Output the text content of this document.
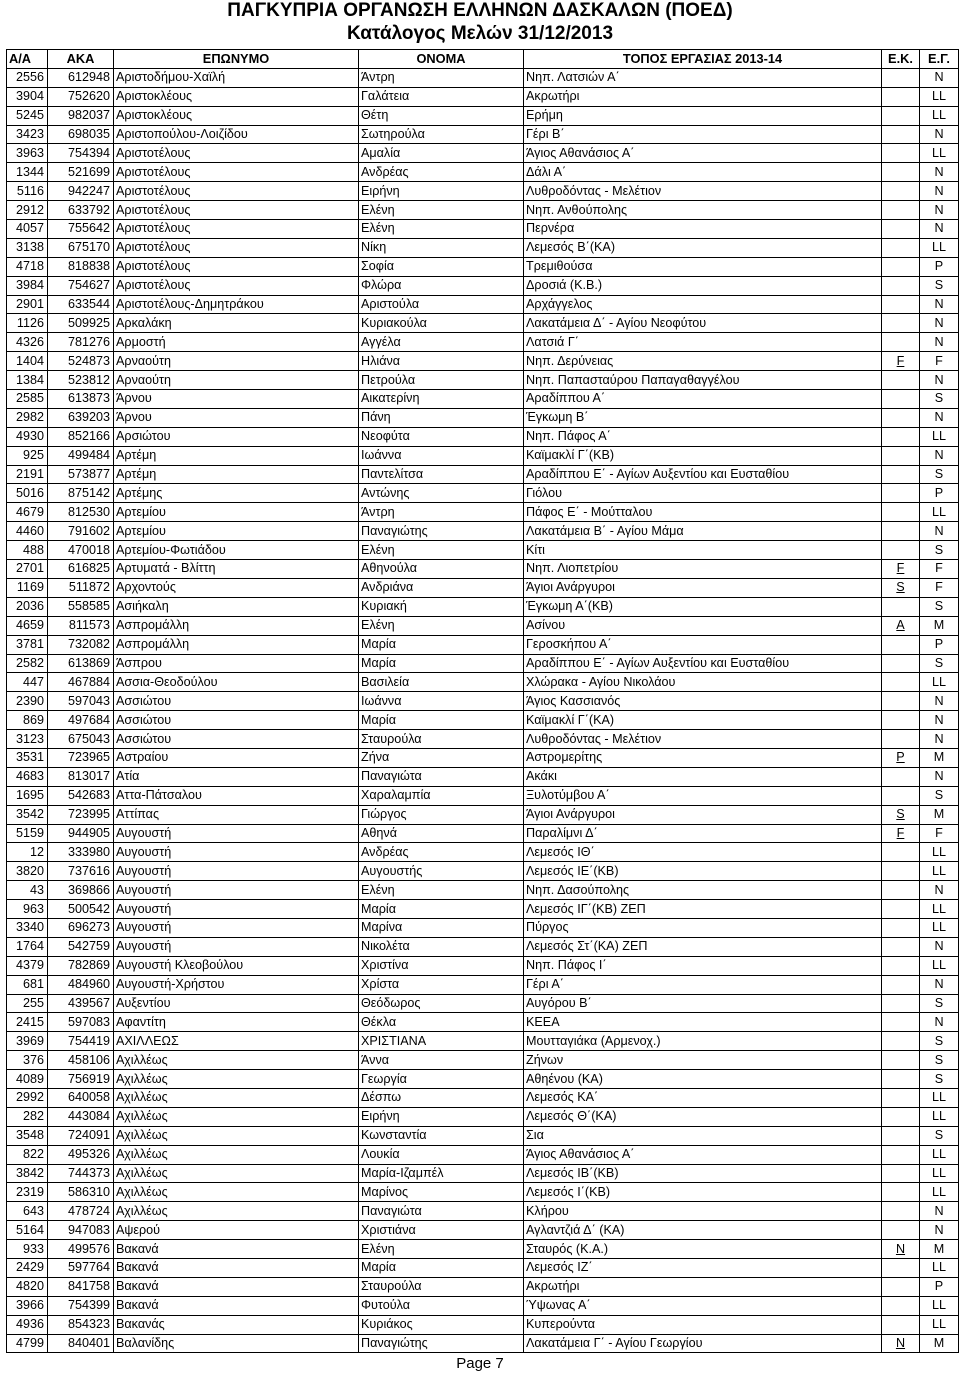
ΠΑΓΚΥΠΡΙΑ ΟΡΓΑΝΩΣΗ ΕΛΛΗΝΩΝ ΔΑΣΚΑΛΩΝ (ΠΟΕΔ)
Κατάλογος Μελών 31/12/2013
Α/Α	ΑΚΑ	ΕΠΩΝΥΜΟ	ΟΝΟΜΑ	ΤΟΠΟΣ ΕΡΓΑΣΙΑΣ 2013-14	Ε.Κ.	Ε.Γ.
2556	612948	Αριστοδήμου-Χαϊλή	Άντρη	Νηπ. Λατσιών Α΄		N
3904	752620	Αριστοκλέους	Γαλάτεια	Ακρωτήρι		LL
5245	982037	Αριστοκλέους	Θέτη	Ερήμη		LL
3423	698035	Αριστοπούλου-Λοιζίδου	Σωτηρούλα	Γέρι Β΄		N
3963	754394	Αριστοτέλους	Αμαλία	Άγιος Αθανάσιος Α΄		LL
1344	521699	Αριστοτέλους	Ανδρέας	Δάλι Α΄		N
5116	942247	Αριστοτέλους	Ειρήνη	Λυθροδόντας - Μελέτιον		N
2912	633792	Αριστοτέλους	Ελένη	Νηπ. Ανθούπολης		N
4057	755642	Αριστοτέλους	Ελένη	Περνέρα		N
3138	675170	Αριστοτέλους	Νίκη	Λεμεσός Β΄(ΚΑ)		LL
4718	818838	Αριστοτέλους	Σοφία	Τρεμιθούσα		P
3984	754627	Αριστοτέλους	Φλώρα	Δροσιά (Κ.Β.)		S
2901	633544	Αριστοτέλους-Δημητράκου	Αριστούλα	Αρχάγγελος		N
1126	509925	Αρκαλάκη	Κυριακούλα	Λακατάμεια Δ΄ - Αγίου Νεοφύτου		N
4326	781276	Αρμοστή	Αγγέλα	Λατσιά Γ΄		N
1404	524873	Αρναούτη	Ηλιάνα	Νηπ. Δερύνειας	F	F
1384	523812	Αρναούτη	Πετρούλα	Νηπ. Παπασταύρου Παπαγαθαγγέλου		N
2585	613873	Άρνου	Αικατερίνη	Αραδίππου Α΄		S
2982	639203	Άρνου	Πάνη	Έγκωμη Β΄		N
4930	852166	Αρσιώτου	Νεοφύτα	Νηπ. Πάφος Α΄		LL
925	499484	Αρτέμη	Ιωάννα	Καϊμακλί Γ΄(ΚΒ)		N
2191	573877	Αρτέμη	Παντελίτσα	Αραδίππου Ε΄ - Αγίων Αυξεντίου και Ευσταθίου		S
5016	875142	Αρτέμης	Αντώνης	Γιόλου		P
4679	812530	Αρτεμίου	Άντρη	Πάφος Ε΄ - Μούτταλου		LL
4460	791602	Αρτεμίου	Παναγιώτης	Λακατάμεια Β΄ - Αγίου Μάμα		N
488	470018	Αρτεμίου-Φωτιάδου	Ελένη	Κίτι		S
2701	616825	Αρτυματά - Βλίττη	Αθηνούλα	Νηπ. Λιοπετρίου	F	F
1169	511872	Αρχοντούς	Ανδριάνα	Άγιοι Ανάργυροι	S	F
2036	558585	Ασιήκαλη	Κυριακή	Έγκωμη Α΄(ΚΒ)		S
4659	811573	Ασπρομάλλη	Ελένη	Ασίνου	A	M
3781	732082	Ασπρομάλλη	Μαρία	Γεροσκήπου Α΄		P
2582	613869	Άσπρου	Μαρία	Αραδίππου Ε΄ - Αγίων Αυξεντίου και Ευσταθίου		S
447	467884	Ασσια-Θεοδούλου	Βασιλεία	Χλώρακα - Αγίου Νικολάου		LL
2390	597043	Ασσιώτου	Ιωάννα	Άγιος Κασσιανός		N
869	497684	Ασσιώτου	Μαρία	Καϊμακλί Γ΄(ΚΑ)		N
3123	675043	Ασσιώτου	Σταυρούλα	Λυθροδόντας - Μελέτιον		N
3531	723965	Αστραίου	Ζήνα	Αστρομερίτης	P	M
4683	813017	Ατία	Παναγιώτα	Ακάκι		N
1695	542683	Αττα-Πάτσαλου	Χαραλαμπία	Ξυλοτύμβου Α΄		S
3542	723995	Αττίπας	Γιώργος	Άγιοι Ανάργυροι	S	M
5159	944905	Αυγουστή	Αθηνά	Παραλίμνι Δ΄	F	F
12	333980	Αυγουστή	Ανδρέας	Λεμεσός ΙΘ΄		LL
3820	737616	Αυγουστή	Αυγουστής	Λεμεσός ΙΕ΄(ΚΒ)		LL
43	369866	Αυγουστή	Ελένη	Νηπ. Δασούπολης		N
963	500542	Αυγουστή	Μαρία	Λεμεσός ΙΓ΄(ΚΒ) ΖΕΠ		LL
3340	696273	Αυγουστή	Μαρίνα	Πύργος		LL
1764	542759	Αυγουστή	Νικολέτα	Λεμεσός Στ΄(ΚΑ) ΖΕΠ		N
4379	782869	Αυγουστή Κλεοβούλου	Χριστίνα	Νηπ. Πάφος Ι΄		LL
681	484960	Αυγουστή-Χρήστου	Χρίστα	Γέρι Α΄		N
255	439567	Αυξεντίου	Θεόδωρος	Αυγόρου Β΄		S
2415	597083	Αφαντίτη	Θέκλα	ΚΕΕΑ		N
3969	754419	ΑΧΙΛΛΕΩΣ	ΧΡΙΣΤΙΑΝΑ	Μουτταγιάκα (Αρμενοχ.)		S
376	458106	Αχιλλέως	Άννα	Ζήνων		S
4089	756919	Αχιλλέως	Γεωργία	Αθηένου (ΚΑ)		S
2992	640058	Αχιλλέως	Δέσπω	Λεμεσός ΚΑ΄		LL
282	443084	Αχιλλέως	Ειρήνη	Λεμεσός Θ΄(ΚΑ)		LL
3548	724091	Αχιλλέως	Κωνσταντία	Σια		S
822	495326	Αχιλλέως	Λουκία	Άγιος Αθανάσιος Α΄		LL
3842	744373	Αχιλλέως	Μαρία-Ιζαμπέλ	Λεμεσός ΙΒ΄(ΚΒ)		LL
2319	586310	Αχιλλέως	Μαρίνος	Λεμεσός Ι΄(ΚΒ)		LL
643	478724	Αχιλλέως	Παναγιώτα	Κλήρου		N
5164	947083	Αψερού	Χριστιάνα	Αγλαντζιά Δ΄ (ΚΑ)		N
933	499576	Βακανά	Ελένη	Σταυρός (Κ.Α.)	N	M
2429	597764	Βακανά	Μαρία	Λεμεσός ΙΖ΄		LL
4820	841758	Βακανά	Σταυρούλα	Ακρωτήρι		P
3966	754399	Βακανά	Φυτούλα	Ύψωνας Α΄		LL
4936	854323	Βακανάς	Κυριάκος	Κυπερούντα		LL
4799	840401	Βαλανίδης	Παναγιώτης	Λακατάμεια Γ΄ - Αγίου Γεωργίου	N	M
Page 7
